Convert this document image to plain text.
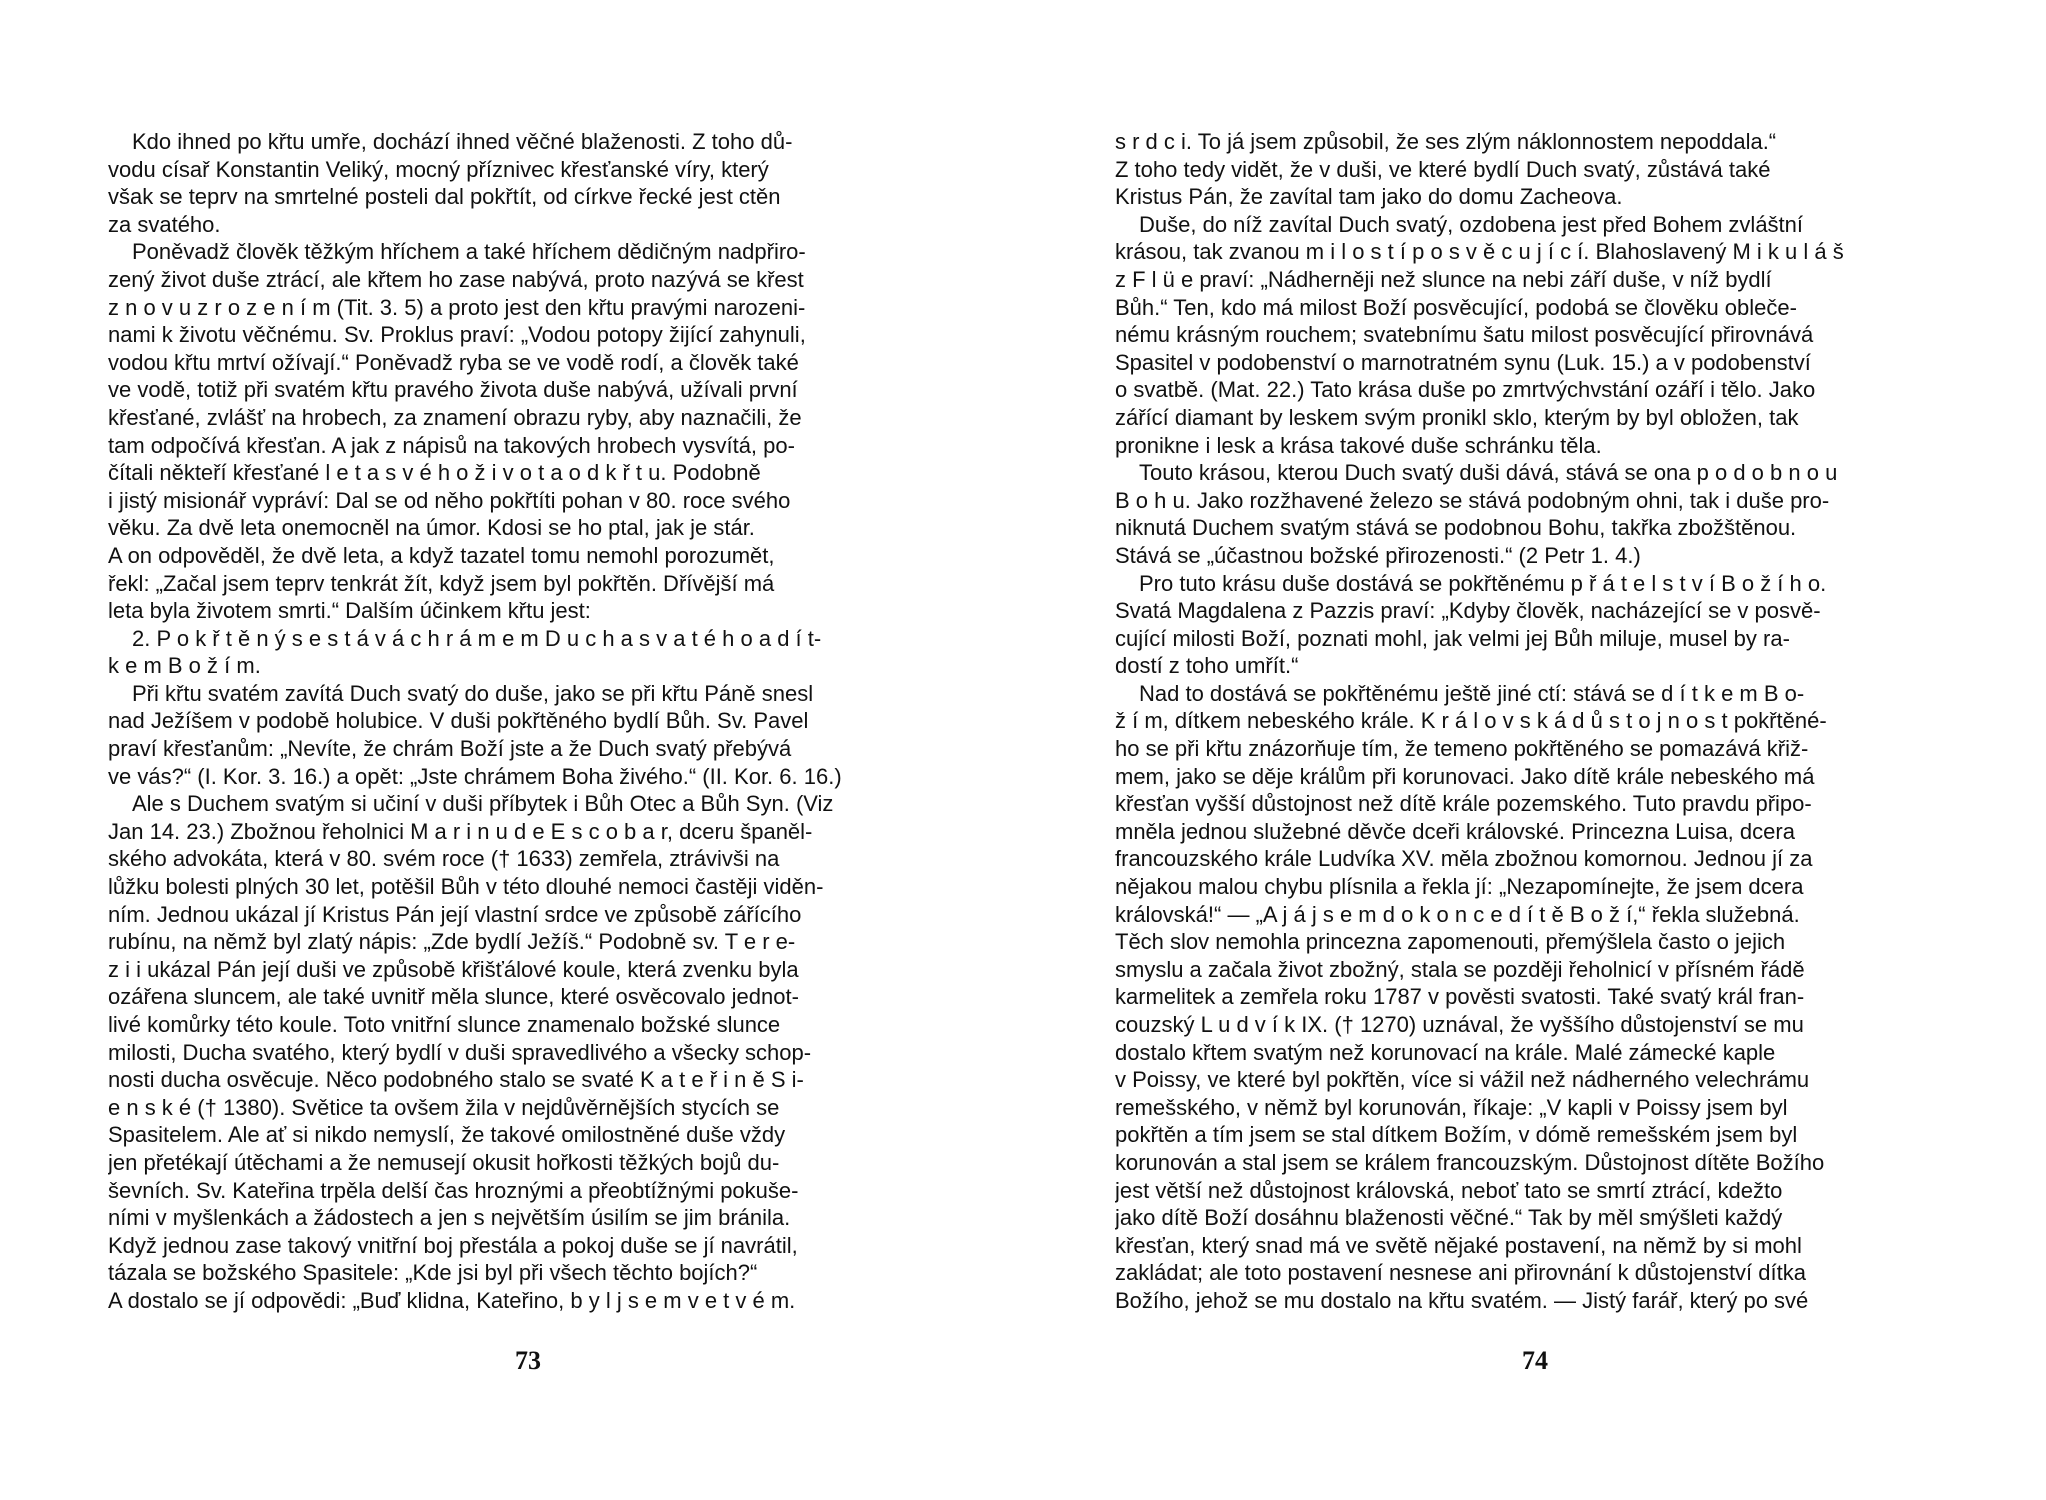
Kdo ihned po křtu umře, dochází ihned věčné blaženosti. Z toho dů-
vodu císař Konstantin Veliký, mocný příznivec křesťanské víry, který
však se teprv na smrtelné posteli dal pokřtít, od církve řecké jest ctěn
za svatého.
Poněvadž člověk těžkým hříchem a také hříchem dědičným nadpřiro-
zený život duše ztrácí, ale křtem ho zase nabývá, proto nazývá se křest
z n o v u z r o z e n í m (Tit. 3. 5) a proto jest den křtu pravými narozeni-
nami k životu věčnému. Sv. Proklus praví: „Vodou potopy žijící zahynuli,
vodou křtu mrtví ožívají.“ Poněvadž ryba se ve vodě rodí, a člověk také
ve vodě, totiž při svatém křtu pravého života duše nabývá, užívali první
křesťané, zvlášť na hrobech, za znamení obrazu ryby, aby naznačili, že
tam odpočívá křesťan. A jak z nápisů na takových hrobech vysvítá, po-
čítali někteří křesťané l e t a s v é h o ž i v o t a o d k ř t u. Podobně
i jistý misionář vypráví: Dal se od něho pokřtíti pohan v 80. roce svého
věku. Za dvě leta onemocněl na úmor. Kdosi se ho ptal, jak je stár.
A on odpověděl, že dvě leta, a když tazatel tomu nemohl porozumět,
řekl: „Začal jsem teprv tenkrát žít, když jsem byl pokřtěn. Dřívější má
leta byla životem smrti.“ Dalším účinkem křtu jest:
2. P o k ř t ě n ý s e s t á v á c h r á m e m D u c h a s v a t é h o a d í t-
k e m B o ž í m.
Při křtu svatém zavítá Duch svatý do duše, jako se při křtu Páně snesl
nad Ježíšem v podobě holubice. V duši pokřtěného bydlí Bůh. Sv. Pavel
praví křesťanům: „Nevíte, že chrám Boží jste a že Duch svatý přebývá
ve vás?“ (I. Kor. 3. 16.) a opět: „Jste chrámem Boha živého.“ (II. Kor. 6. 16.)
Ale s Duchem svatým si učiní v duši příbytek i Bůh Otec a Bůh Syn. (Viz
Jan 14. 23.) Zbožnou řeholnici M a r i n u d e E s c o b a r, dceru španěl-
ského advokáta, která v 80. svém roce († 1633) zemřela, ztrávivši na
lůžku bolesti plných 30 let, potěšil Bůh v této dlouhé nemoci častěji viděn-
ním. Jednou ukázal jí Kristus Pán její vlastní srdce ve způsobě zářícího
rubínu, na němž byl zlatý nápis: „Zde bydlí Ježíš.“ Podobně sv. T e r e-
z i i ukázal Pán její duši ve způsobě křišťálové koule, která zvenku byla
ozářena sluncem, ale také uvnitř měla slunce, které osvěcovalo jednot-
livé komůrky této koule. Toto vnitřní slunce znamenalo božské slunce
milosti, Ducha svatého, který bydlí v duši spravedlivého a všecky schop-
nosti ducha osvěcuje. Něco podobného stalo se svaté K a t e ř i n ě S i-
e n s k é († 1380). Světice ta ovšem žila v nejdůvěrnějších stycích se
Spasitelem. Ale ať si nikdo nemyslí, že takové omilostněné duše vždy
jen přetékají útěchami a že nemusejí okusit hořkosti těžkých bojů du-
ševních. Sv. Kateřina trpěla delší čas hroznými a přeobtížnými pokuše-
ními v myšlenkách a žádostech a jen s největším úsilím se jim bránila.
Když jednou zase takový vnitřní boj přestála a pokoj duše se jí navrátil,
tázala se božského Spasitele: „Kde jsi byl při všech těchto bojích?“
A dostalo se jí odpovědi: „Buď klidna, Kateřino, b y l j s e m v e t v é m.
73
s r d c i. To já jsem způsobil, že ses zlým náklonnostem nepoddala.“
Z toho tedy vidět, že v duši, ve které bydlí Duch svatý, zůstává také
Kristus Pán, že zavítal tam jako do domu Zacheova.
Duše, do níž zavítal Duch svatý, ozdobena jest před Bohem zvláštní
krásou, tak zvanou m i l o s t í p o s v ě c u j í c í. Blahoslavený M i k u l á š
z F l ü e praví: „Nádherněji než slunce na nebi září duše, v níž bydlí
Bůh.“ Ten, kdo má milost Boží posvěcující, podobá se člověku obleče-
nému krásným rouchem; svatebnímu šatu milost posvěcující přirovnává
Spasitel v podobenství o marnotratném synu (Luk. 15.) a v podobenství
o svatbě. (Mat. 22.) Tato krása duše po zmrtvýchvstání ozáří i tělo. Jako
zářící diamant by leskem svým pronikl sklo, kterým by byl obložen, tak
pronikne i lesk a krása takové duše schránku těla.
Touto krásou, kterou Duch svatý duši dává, stává se ona p o d o b n o u
B o h u. Jako rozžhavené železo se stává podobným ohni, tak i duše pro-
niknutá Duchem svatým stává se podobnou Bohu, takřka zbožštěnou.
Stává se „účastnou božské přirozenosti.“ (2 Petr 1. 4.)
Pro tuto krásu duše dostává se pokřtěnému p ř á t e l s t v í B o ž í h o.
Svatá Magdalena z Pazzis praví: „Kdyby člověk, nacházející se v posvě-
cující milosti Boží, poznati mohl, jak velmi jej Bůh miluje, musel by ra-
dostí z toho umřít.“
Nad to dostává se pokřtěnému ještě jiné ctí: stává se d í t k e m B o-
ž í m, dítkem nebeského krále. K r á l o v s k á d ů s t o j n o s t pokřtěné-
ho se při křtu znázorňuje tím, že temeno pokřtěného se pomazává křiž-
mem, jako se děje králům při korunovaci. Jako dítě krále nebeského má
křesťan vyšší důstojnost než dítě krále pozemského. Tuto pravdu připo-
mněla jednou služebné děvče dceři královské. Princezna Luisa, dcera
francouzského krále Ludvíka XV. měla zbožnou komornou. Jednou jí za
nějakou malou chybu plísnila a řekla jí: „Nezapomínejte, že jsem dcera
královská!“ — „A j á j s e m d o k o n c e d í t ě B o ž í,“ řekla služebná.
Těch slov nemohla princezna zapomenouti, přemýšlela často o jejich
smyslu a začala život zbožný, stala se později řeholnicí v přísném řádě
karmelitek a zemřela roku 1787 v pověsti svatosti. Také svatý král fran-
couzský L u d v í k IX. († 1270) uznával, že vyššího důstojenství se mu
dostalo křtem svatým než korunovací na krále. Malé zámecké kaple
v Poissy, ve které byl pokřtěn, více si vážil než nádherného velechrámu
remešského, v němž byl korunován, říkaje: „V kapli v Poissy jsem byl
pokřtěn a tím jsem se stal dítkem Božím, v dómě remešském jsem byl
korunován a stal jsem se králem francouzským. Důstojnost dítěte Božího
jest větší než důstojnost královská, neboť tato se smrtí ztrácí, kdežto
jako dítě Boží dosáhnu blaženosti věčné.“ Tak by měl smýšleti každý
křesťan, který snad má ve světě nějaké postavení, na němž by si mohl
zakládat; ale toto postavení nesnese ani přirovnání k důstojenství dítka
Božího, jehož se mu dostalo na křtu svatém. — Jistý farář, který po své
74
